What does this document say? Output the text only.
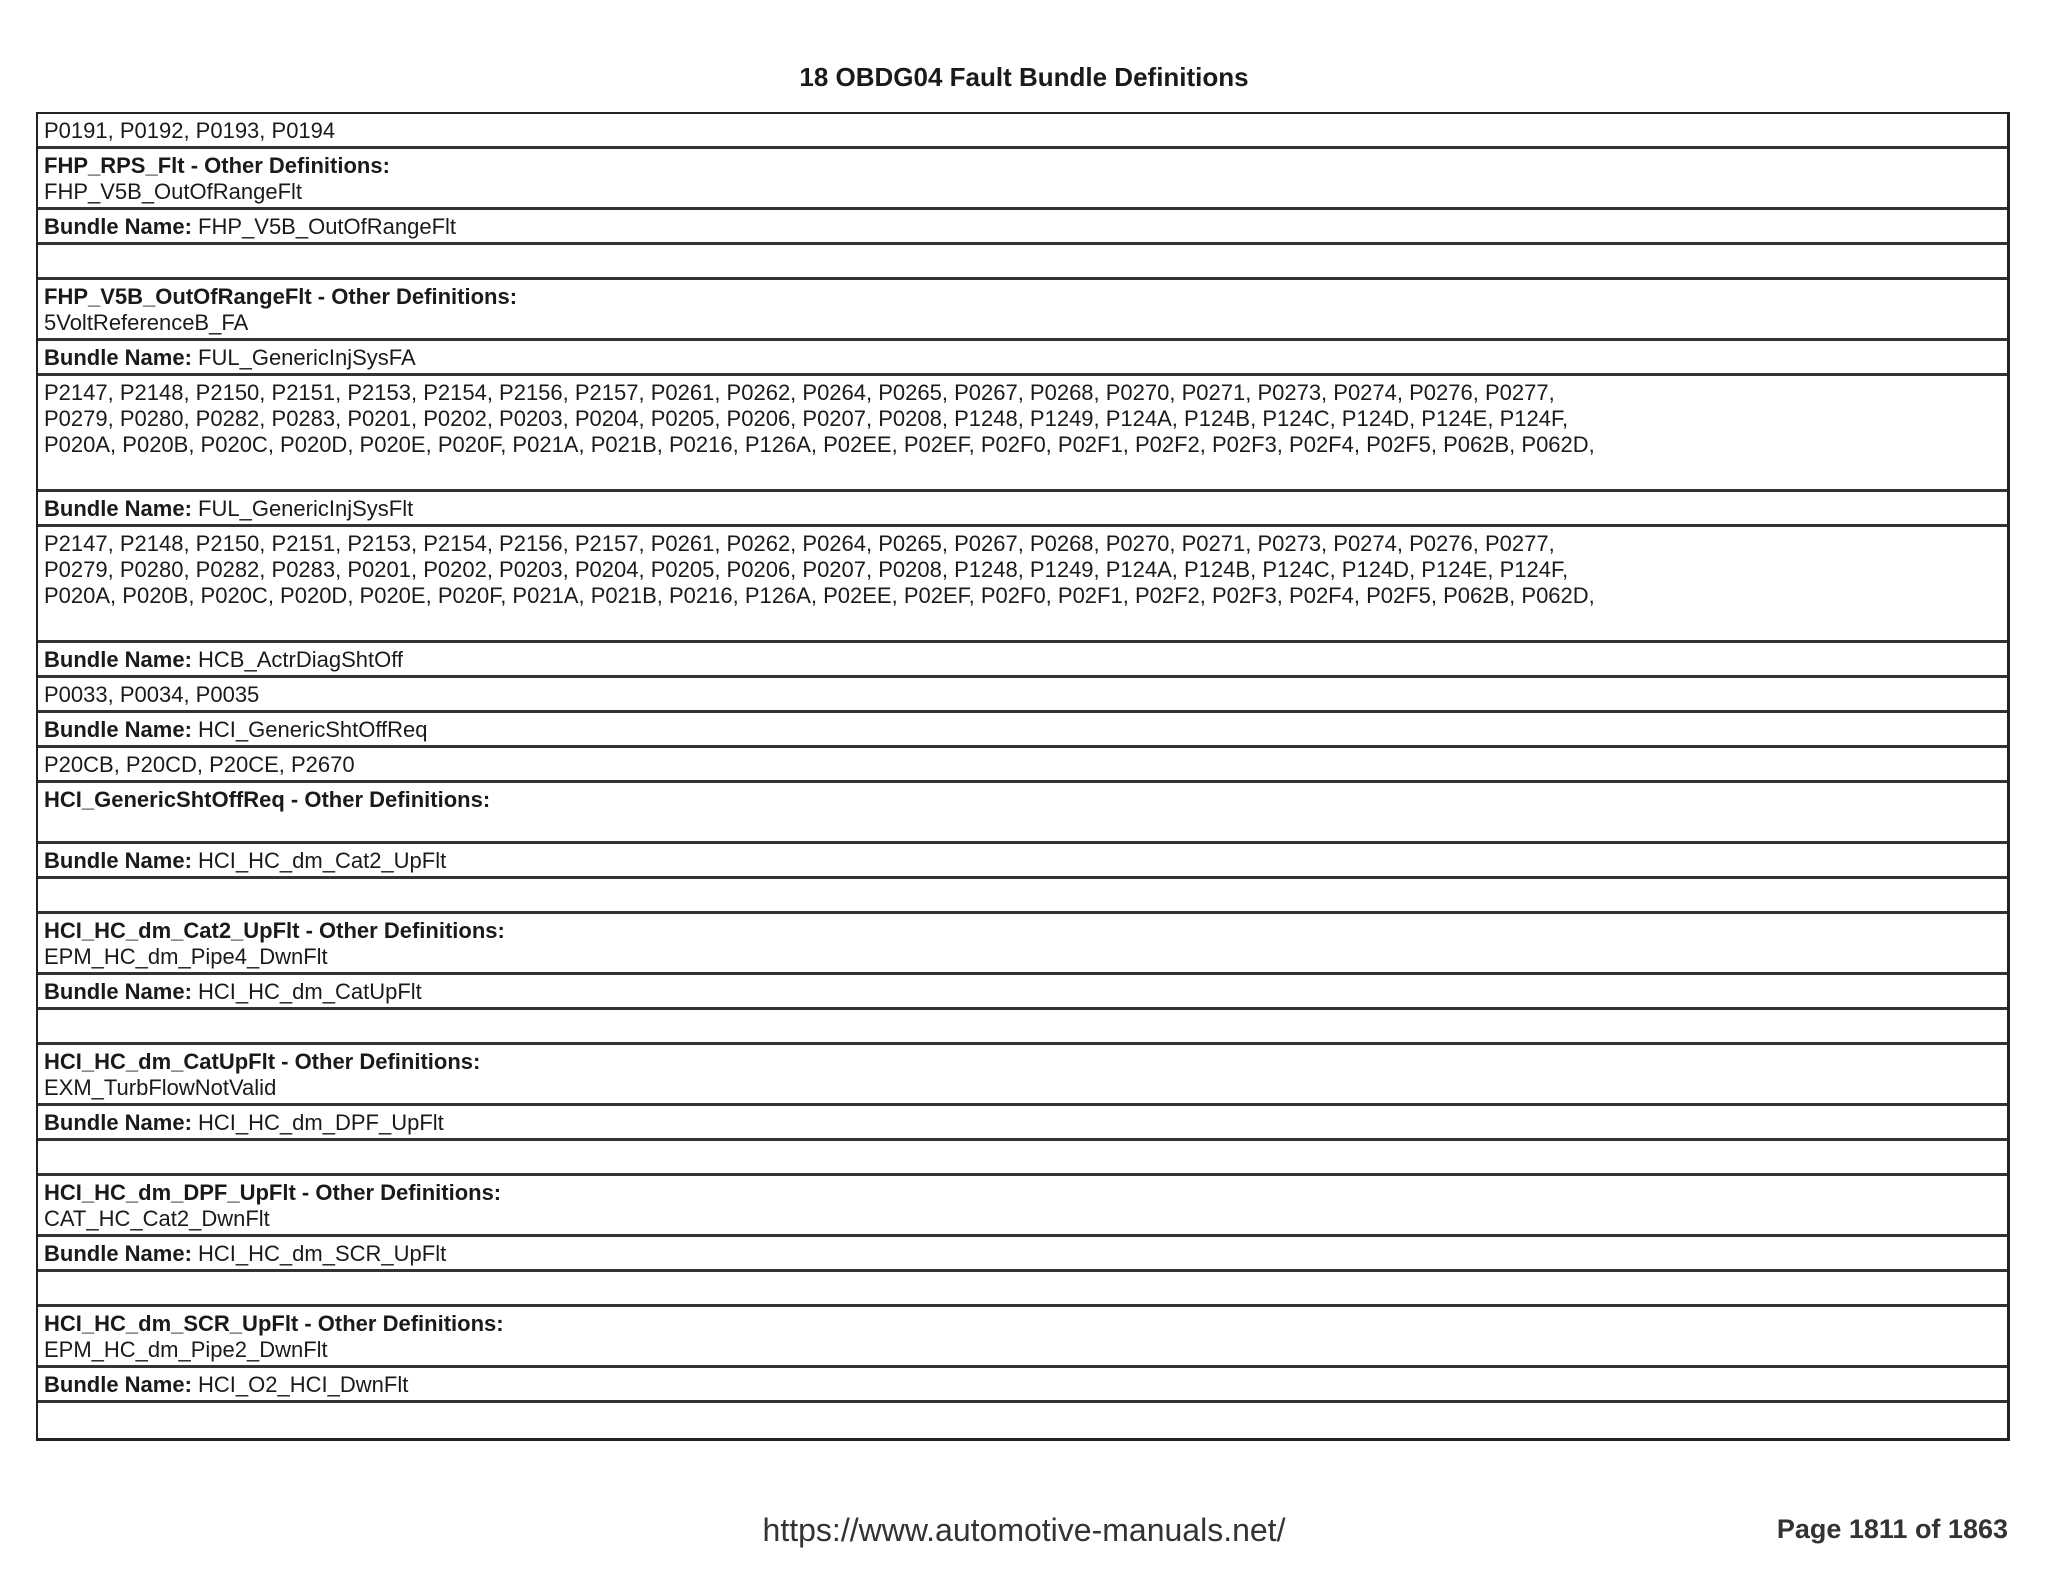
18 OBDG04 Fault Bundle Definitions
P0191, P0192, P0193, P0194
FHP_RPS_Flt - Other Definitions:
FHP_V5B_OutOfRangeFlt
Bundle Name: FHP_V5B_OutOfRangeFlt
FHP_V5B_OutOfRangeFlt - Other Definitions:
5VoltReferenceB_FA
Bundle Name: FUL_GenericInjSysFA
P2147, P2148, P2150, P2151, P2153, P2154, P2156, P2157, P0261, P0262, P0264, P0265, P0267, P0268, P0270, P0271, P0273, P0274, P0276, P0277,
P0279, P0280, P0282, P0283, P0201, P0202, P0203, P0204, P0205, P0206, P0207, P0208, P1248, P1249, P124A, P124B, P124C, P124D, P124E, P124F,
P020A, P020B, P020C, P020D, P020E, P020F, P021A, P021B, P0216, P126A, P02EE, P02EF, P02F0, P02F1, P02F2, P02F3, P02F4, P02F5, P062B, P062D,
Bundle Name: FUL_GenericInjSysFlt
P2147, P2148, P2150, P2151, P2153, P2154, P2156, P2157, P0261, P0262, P0264, P0265, P0267, P0268, P0270, P0271, P0273, P0274, P0276, P0277,
P0279, P0280, P0282, P0283, P0201, P0202, P0203, P0204, P0205, P0206, P0207, P0208, P1248, P1249, P124A, P124B, P124C, P124D, P124E, P124F,
P020A, P020B, P020C, P020D, P020E, P020F, P021A, P021B, P0216, P126A, P02EE, P02EF, P02F0, P02F1, P02F2, P02F3, P02F4, P02F5, P062B, P062D,
Bundle Name: HCB_ActrDiagShtOff
P0033, P0034, P0035
Bundle Name: HCI_GenericShtOffReq
P20CB, P20CD, P20CE, P2670
HCI_GenericShtOffReq - Other Definitions:
Bundle Name: HCI_HC_dm_Cat2_UpFlt
HCI_HC_dm_Cat2_UpFlt - Other Definitions:
EPM_HC_dm_Pipe4_DwnFlt
Bundle Name: HCI_HC_dm_CatUpFlt
HCI_HC_dm_CatUpFlt - Other Definitions:
EXM_TurbFlowNotValid
Bundle Name: HCI_HC_dm_DPF_UpFlt
HCI_HC_dm_DPF_UpFlt - Other Definitions:
CAT_HC_Cat2_DwnFlt
Bundle Name: HCI_HC_dm_SCR_UpFlt
HCI_HC_dm_SCR_UpFlt - Other Definitions:
EPM_HC_dm_Pipe2_DwnFlt
Bundle Name: HCI_O2_HCI_DwnFlt
https://www.automotive-manuals.net/	Page 1811 of 1863
